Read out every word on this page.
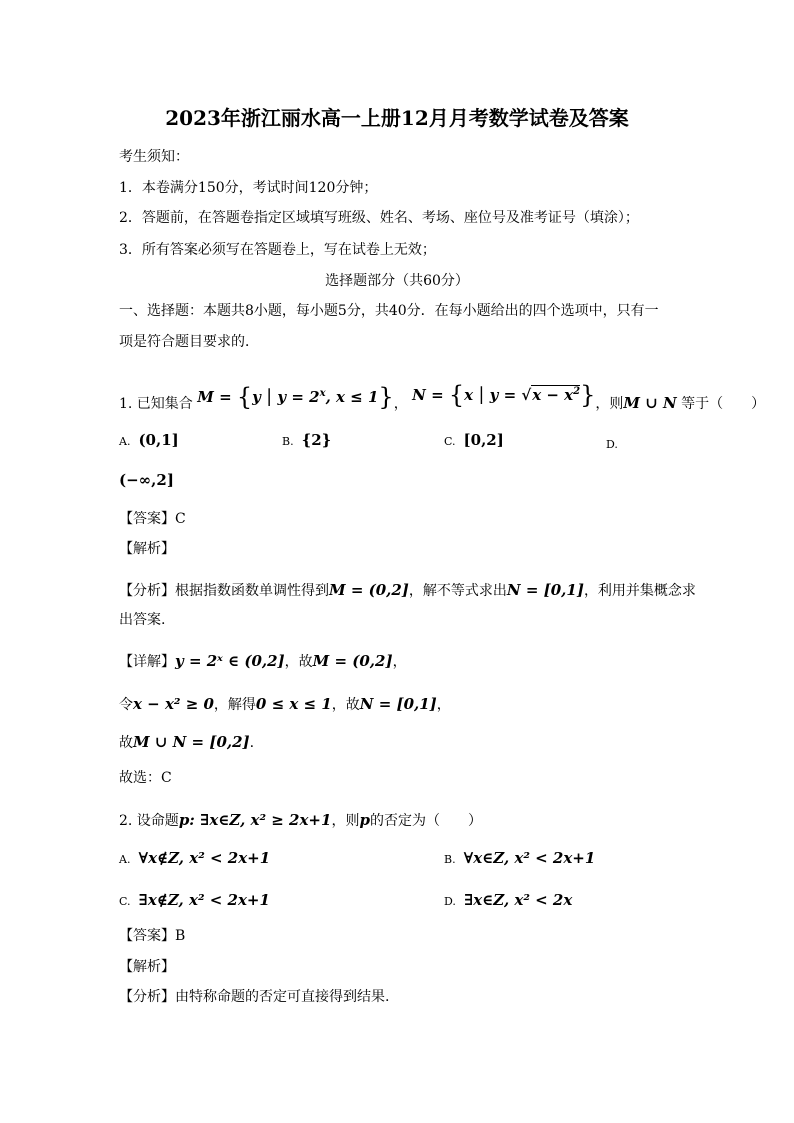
2023年浙江丽水高一上册12月月考数学试卷及答案
考生须知：
1．本卷满分150分，考试时间120分钟；
2．答题前，在答题卷指定区域填写班级、姓名、考场、座位号及准考证号（填涂）；
3．所有答案必须写在答题卷上，写在试卷上无效；
选择题部分（共60分）
一、选择题：本题共8小题，每小题5分，共40分．在每小题给出的四个选项中，只有一
项是符合题目要求的．
1. 已知集合 M = {y | $y = 2^x$, x ≤ 1}， N = {x | $y = √x - x^2$}，则M ∪ N 等于（　　）
A. (0,1]	B. {2}	C. [0,2]	D.
(−∞,2]
【答案】C
【解析】
【分析】根据指数函数单调性得到M = (0,2]，解不等式求出N = [0,1]，利用并集概念求
出答案.
【详解】y = 2ˣ ∈ (0,2]，故M = (0,2]，
令x − x² ≥ 0，解得0 ≤ x ≤ 1，故N = [0,1]，
故M ∪ N = [0,2].
故选：C
2. 设命题p: ∃x∈Z, x² ≥ 2x+1，则p的否定为（　　）
A. ∀x∉Z, x² < 2x+1	B. ∀x∈Z, x² < 2x+1
C. ∃x∉Z, x² < 2x+1	D. ∃x∈Z, x² < 2x
【答案】B
【解析】
【分析】由特称命题的否定可直接得到结果.
